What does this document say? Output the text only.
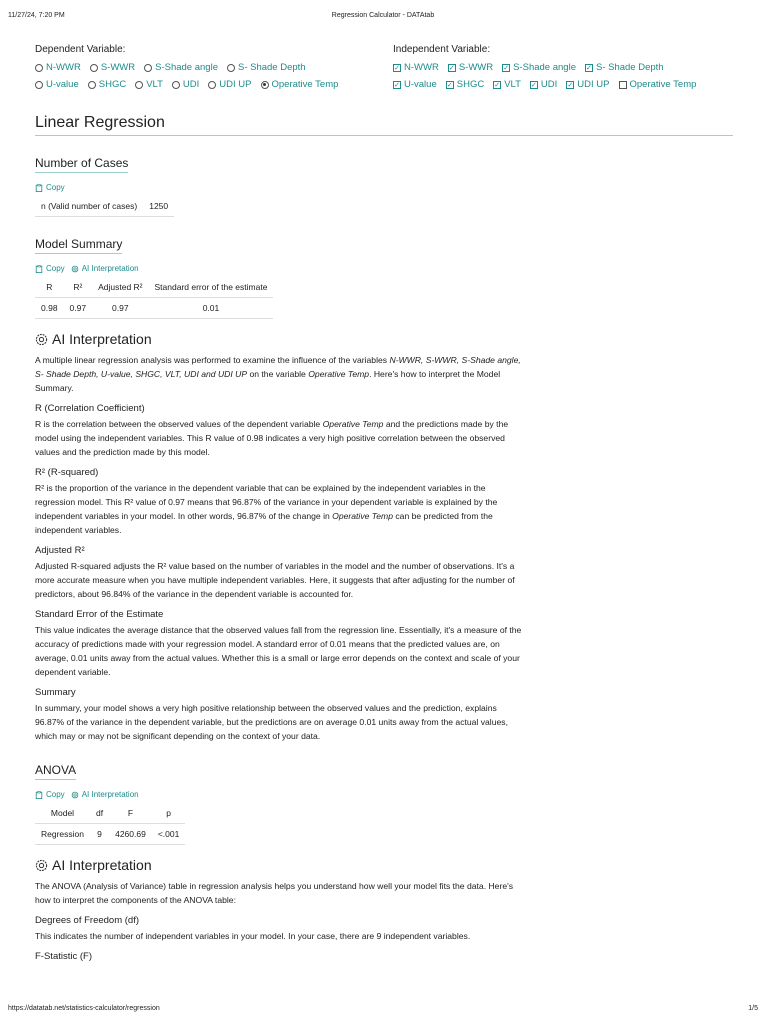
11/27/24, 7:20 PM	Regression Calculator - DATAtab
Dependent Variable:
N-WWR S-WWR S-Shade angle S- Shade Depth
U-value SHGC VLT UDI UDI UP Operative Temp
Independent Variable:
✓ N-WWR ✓ S-WWR ✓ S-Shade angle ✓ S- Shade Depth
✓ U-value ✓ SHGC ✓ VLT ✓ UDI ✓ UDI UP Operative Temp
Linear Regression
Number of Cases
Copy
n (Valid number of cases)	1250
Model Summary
Copy AI Interpretation
R	R²	Adjusted R²	Standard error of the estimate
0.98	0.97	0.97	0.01
AI Interpretation

A multiple linear regression analysis was performed to examine the influence of the variables N-WWR, S-WWR, S-Shade angle, S- Shade Depth, U-value, SHGC, VLT, UDI and UDI UP on the variable Operative Temp. Here's how to interpret the Model Summary.

R (Correlation Coefficient)

R is the correlation between the observed values of the dependent variable Operative Temp and the predictions made by the model using the independent variables. This R value of 0.98 indicates a very high positive correlation between the observed values and the prediction made by this model.

R² (R-squared)

R² is the proportion of the variance in the dependent variable that can be explained by the independent variables in the regression model. This R² value of 0.97 means that 96.87% of the variance in your dependent variable is explained by the independent variables in your model. In other words, 96.87% of the change in Operative Temp can be predicted from the independent variables.

Adjusted R²

Adjusted R-squared adjusts the R² value based on the number of variables in the model and the number of observations. It's a more accurate measure when you have multiple independent variables. Here, it suggests that after adjusting for the number of predictors, about 96.84% of the variance in the dependent variable is accounted for.

Standard Error of the Estimate

This value indicates the average distance that the observed values fall from the regression line. Essentially, it's a measure of the accuracy of predictions made with your regression model. A standard error of 0.01 means that the predicted values are, on average, 0.01 units away from the actual values. Whether this is a small or large error depends on the context and scale of your dependent variable.

Summary

In summary, your model shows a very high positive relationship between the observed values and the prediction, explains 96.87% of the variance in the dependent variable, but the predictions are on average 0.01 units away from the actual values, which may or may not be significant depending on the context of your data.

ANOVA
Copy AI Interpretation
Model	df	F	p
Regression	9	4260.69	<.001
AI Interpretation

The ANOVA (Analysis of Variance) table in regression analysis helps you understand how well your model fits the data. Here's how to interpret the components of the ANOVA table:

Degrees of Freedom (df)

This indicates the number of independent variables in your model. In your case, there are 9 independent variables.

F-Statistic (F)
https://datatab.net/statistics-calculator/regression	1/5
